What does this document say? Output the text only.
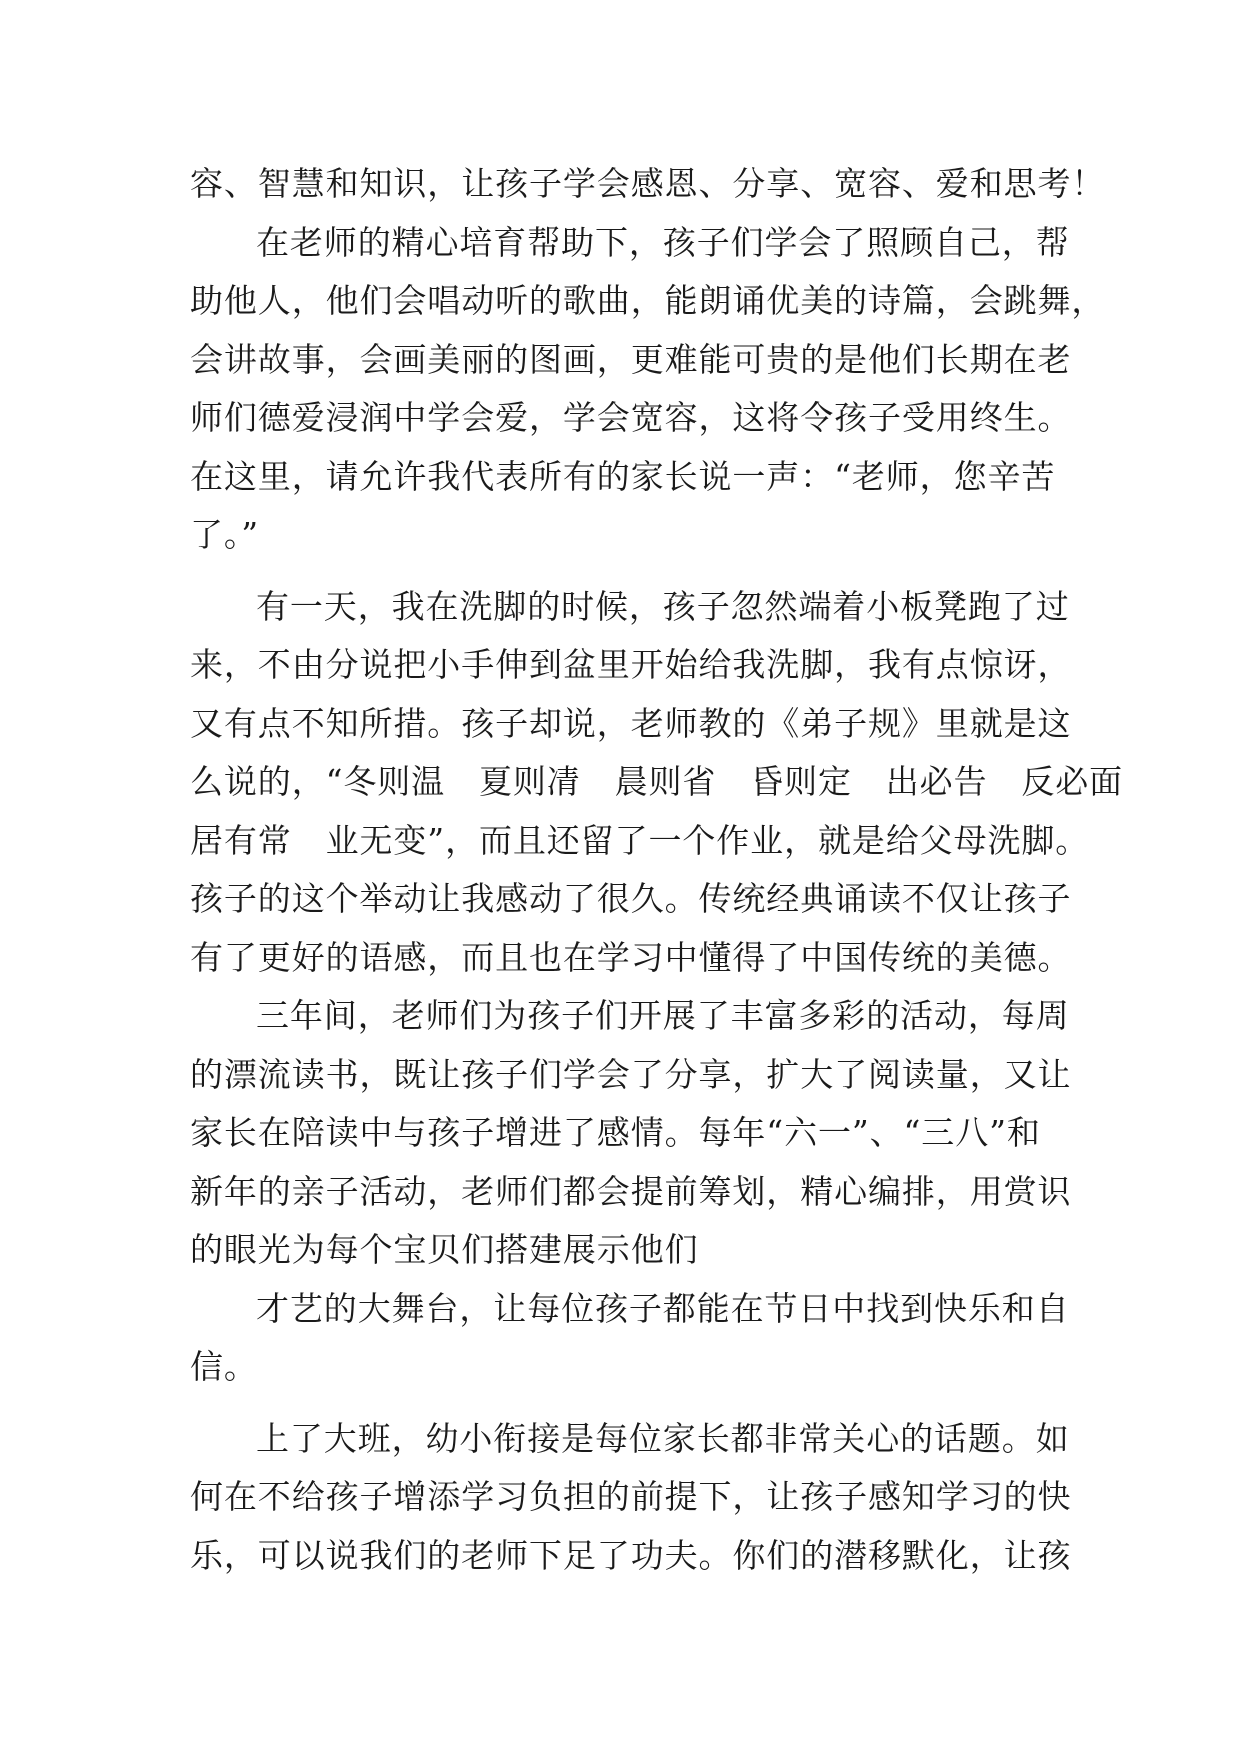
容、智慧和知识，让孩子学会感恩、分享、宽容、爱和思考！
在老师的精心培育帮助下，孩子们学会了照顾自己，帮
助他人，他们会唱动听的歌曲，能朗诵优美的诗篇，会跳舞，
会讲故事，会画美丽的图画，更难能可贵的是他们长期在老
师们德爱浸润中学会爱，学会宽容，这将令孩子受用终生。
在这里，请允许我代表所有的家长说一声：“老师，您辛苦
了。”
有一天，我在洗脚的时候，孩子忽然端着小板凳跑了过
来，不由分说把小手伸到盆里开始给我洗脚，我有点惊讶，
又有点不知所措。孩子却说，老师教的《弟子规》里就是这
么说的，“冬则温　夏则凊　晨则省　昏则定　出必告　反必面
居有常　业无变”，而且还留了一个作业，就是给父母洗脚。
孩子的这个举动让我感动了很久。传统经典诵读不仅让孩子
有了更好的语感，而且也在学习中懂得了中国传统的美德。
三年间，老师们为孩子们开展了丰富多彩的活动，每周
的漂流读书，既让孩子们学会了分享，扩大了阅读量，又让
家长在陪读中与孩子增进了感情。每年“六一”、“三八”和
新年的亲子活动，老师们都会提前筹划，精心编排，用赏识
的眼光为每个宝贝们搭建展示他们
才艺的大舞台，让每位孩子都能在节日中找到快乐和自
信。
上了大班，幼小衔接是每位家长都非常关心的话题。如
何在不给孩子增添学习负担的前提下，让孩子感知学习的快
乐，可以说我们的老师下足了功夫。你们的潜移默化，让孩
